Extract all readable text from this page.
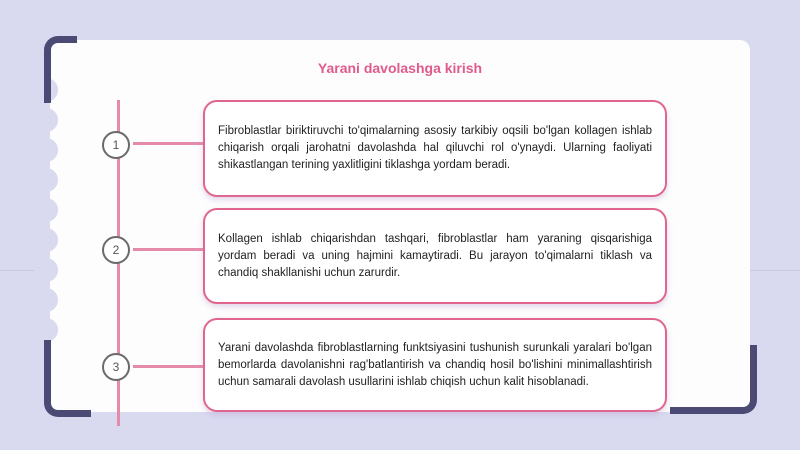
Yarani davolashga kirish
1

Fibroblastlar biriktiruvchi to'qimalarning asosiy tarkibiy oqsili bo'lgan kollagen ishlab chiqarish orqali jarohatni davolashda hal qiluvchi rol o'ynaydi. Ularning faoliyati shikastlangan terining yaxlitligini tiklashga yordam beradi.

2

Kollagen ishlab chiqarishdan tashqari, fibroblastlar ham yaraning qisqarishiga yordam beradi va uning hajmini kamaytiradi. Bu jarayon to'qimalarni tiklash va chandiq shakllanishi uchun zarurdir.

3

Yarani davolashda fibroblastlarning funktsiyasini tushunish surunkali yaralari bo'lgan bemorlarda davolanishni rag'batlantirish va chandiq hosil bo'lishini minimallashtirish uchun samarali davolash usullarini ishlab chiqish uchun kalit hisoblanadi.
